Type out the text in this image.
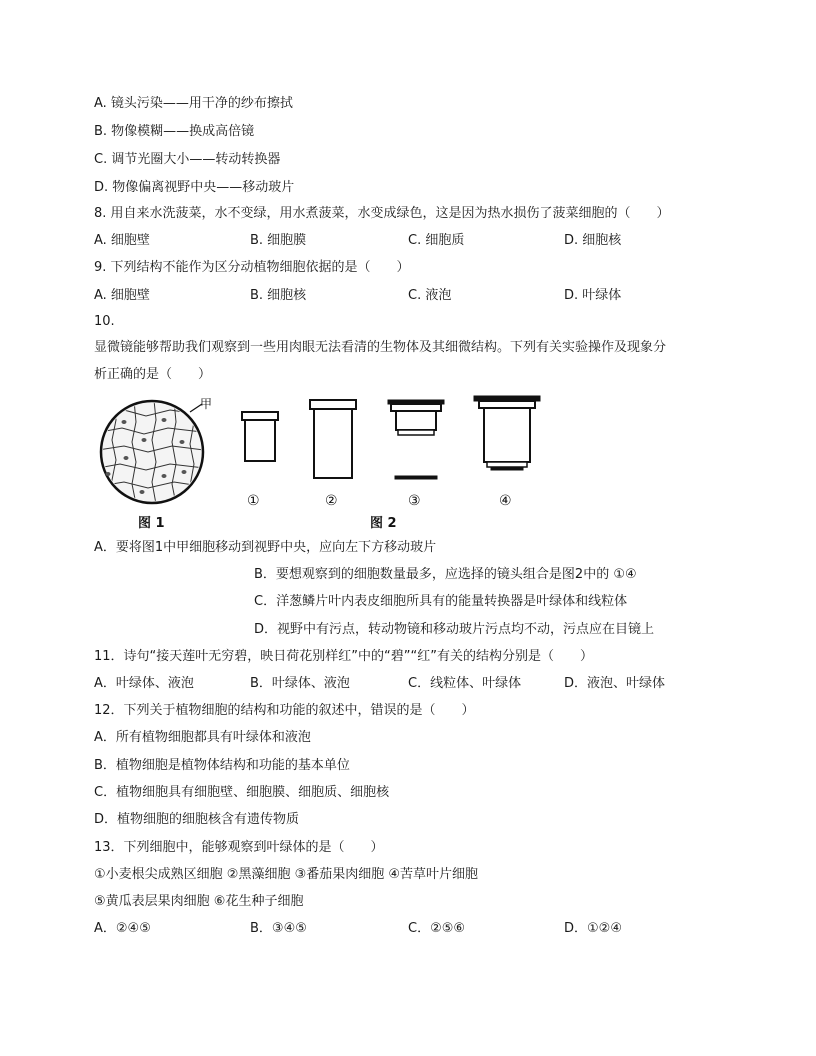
A. 镜头污染——用干净的纱布擦拭
B. 物像模糊——换成高倍镜
C. 调节光圈大小——转动转换器
D. 物像偏离视野中央——移动玻片
8. 用自来水洗菠菜，水不变绿，用水煮菠菜，水变成绿色，这是因为热水损伤了菠菜细胞的（　　）
A. 细胞壁	B. 细胞膜	C. 细胞质	D. 细胞核
9. 下列结构不能作为区分动植物细胞依据的是（　　）
A. 细胞壁	B. 细胞核	C. 液泡	D. 叶绿体
10.
显微镜能够帮助我们观察到一些用肉眼无法看清的生物体及其细微结构。下列有关实验操作及现象分
析正确的是（　　）
甲
图 1
①	②	③	④
图 2
A．要将图1中甲细胞移动到视野中央，应向左下方移动玻片
B．要想观察到的细胞数量最多，应选择的镜头组合是图2中的 ①④
C．洋葱鳞片叶内表皮细胞所具有的能量转换器是叶绿体和线粒体
D．视野中有污点，转动物镜和移动玻片污点均不动，污点应在目镜上
11．诗句“接天莲叶无穷碧，映日荷花别样红”中的“碧”“红”有关的结构分别是（　　）
A．叶绿体、液泡	B．叶绿体、液泡	C．线粒体、叶绿体	D．液泡、叶绿体
12．下列关于植物细胞的结构和功能的叙述中，错误的是（　　）
A．所有植物细胞都具有叶绿体和液泡
B．植物细胞是植物体结构和功能的基本单位
C．植物细胞具有细胞壁、细胞膜、细胞质、细胞核
D．植物细胞的细胞核含有遗传物质
13．下列细胞中，能够观察到叶绿体的是（　　）
①小麦根尖成熟区细胞 ②黑藻细胞 ③番茄果肉细胞 ④苦草叶片细胞
⑤黄瓜表层果肉细胞 ⑥花生种子细胞
A．②④⑤	B．③④⑤	C．②⑤⑥	D．①②④
